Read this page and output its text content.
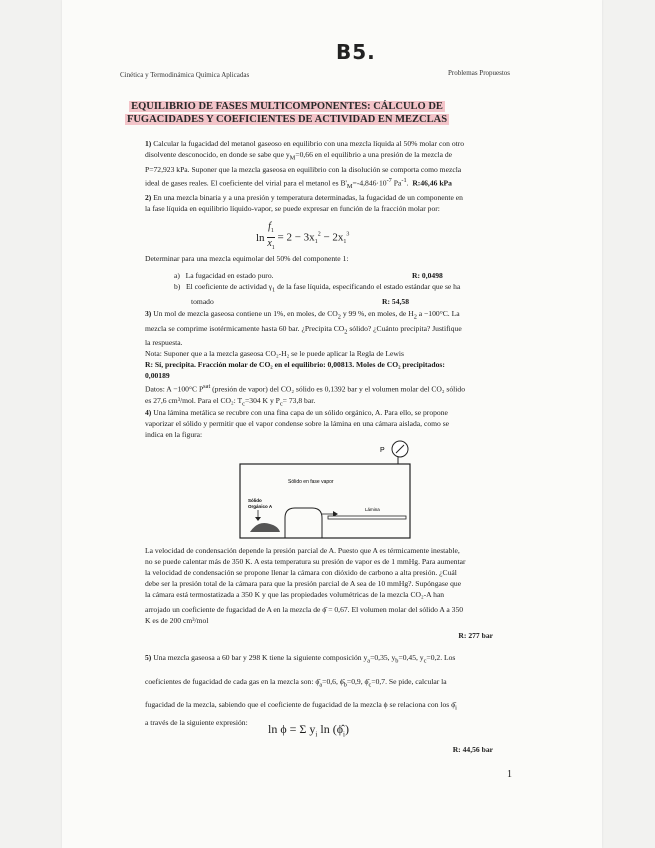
B5.
Cinética y Termodinámica Química Aplicadas	Problemas Propuestos
EQUILIBRIO DE FASES MULTICOMPONENTES: CÁLCULO DE
FUGACIDADES Y COEFICIENTES DE ACTIVIDAD EN MEZCLAS
1) Calcular la fugacidad del metanol gaseoso en equilibrio con una mezcla líquida al 50% molar con otro
disolvente desconocido, en donde se sabe que $y_M=0,66$ en el equilibrio a una presión de la mezcla de
P=72,923 kPa. Suponer que la mezcla gaseosa en equilibrio con la disolución se comporta como mezcla
ideal de gases reales. El coeficiente del virial para el metanol es $B'_M=-4,846\cdot 10^{-7}$ $Pa^{-1}$.  R:46,46 kPa
2) En una mezcla binaria y a una presión y temperatura determinadas, la fugacidad de un componente en
la fase líquida en equilibrio líquido-vapor, se puede expresar en función de la fracción molar por:
$\ln \frac{f_1}{x_1} = 2 - 3x_1^2 - 2x_1^3$
Determinar para una mezcla equimolar del 50% del componente 1:
a) La fugacidad en estado puro.	R: 0,0498
b) El coeficiente de actividad $\gamma_1$ de la fase líquida, especificando el estado estándar que se ha
tomado	R: 54,58
3) Un mol de mezcla gaseosa contiene un 1%, en moles, de $CO_2$ y 99 %, en moles, de $H_2$ a −100°C. La
mezcla se comprime isotérmicamente hasta 60 bar. ¿Precipita $CO_2$ sólido? ¿Cuánto precipita? Justifique
la respuesta.
Nota: Suponer que a la mezcla gaseosa CO₂-H₂ se le puede aplicar la Regla de Lewis
R: Sí, precipita. Fracción molar de CO₂ en el equilibrio: 0,00813. Moles de CO₂ precipitados:
0,00189
Datos: A −100°C $P^{sat}$ (presión de vapor) del CO₂ sólido es 0,1392 bar y el volumen molar del CO₂ sólido
es 27,6 cm³/mol. Para el CO₂: $T_c=304$ K y $P_c= 73,8$ bar.
4) Una lámina metálica se recubre con una fina capa de un sólido orgánico, A. Para ello, se propone
vaporizar el sólido y permitir que el vapor condense sobre la lámina en una cámara aislada, como se
indica en la figura:
P
Sólido en fase vapor
Sólido
Orgánico A
Lámina
La velocidad de condensación depende la presión parcial de A. Puesto que A es térmicamente inestable,
no se puede calentar más de 350 K. A esta temperatura su presión de vapor es de 1 mmHg. Para aumentar
la velocidad de condensación se propone llenar la cámara con dióxido de carbono a alta presión. ¿Cuál
debe ser la presión total de la cámara para que la presión parcial de A sea de 10 mmHg?. Supóngase que
la cámara está termostatizada a 350 K y que las propiedades volumétricas de la mezcla CO₂-A han
arrojado un coeficiente de fugacidad de A en la mezcla de ϕ̂ = 0,67. El volumen molar del sólido A a 350
K es de 200 cm³/mol
R: 277 bar
5) Una mezcla gaseosa a 60 bar y 298 K tiene la siguiente composición $y_a=0,35$, $y_b=0,45$, $y_c=0,2$. Los
coeficientes de fugacidad de cada gas en la mezcla son: $\phî_a=0,6$, $\phî_b=0,9$, $\phî_c=0,7$. Se pide, calcular la
fugacidad de la mezcla, sabiendo que el coeficiente de fugacidad de la mezcla ϕ se relaciona con los $\phî_i$
a través de la siguiente expresión:	ln ϕ = Σ $y_i$ $\ln (\phî_i)$
R: 44,56 bar
1
